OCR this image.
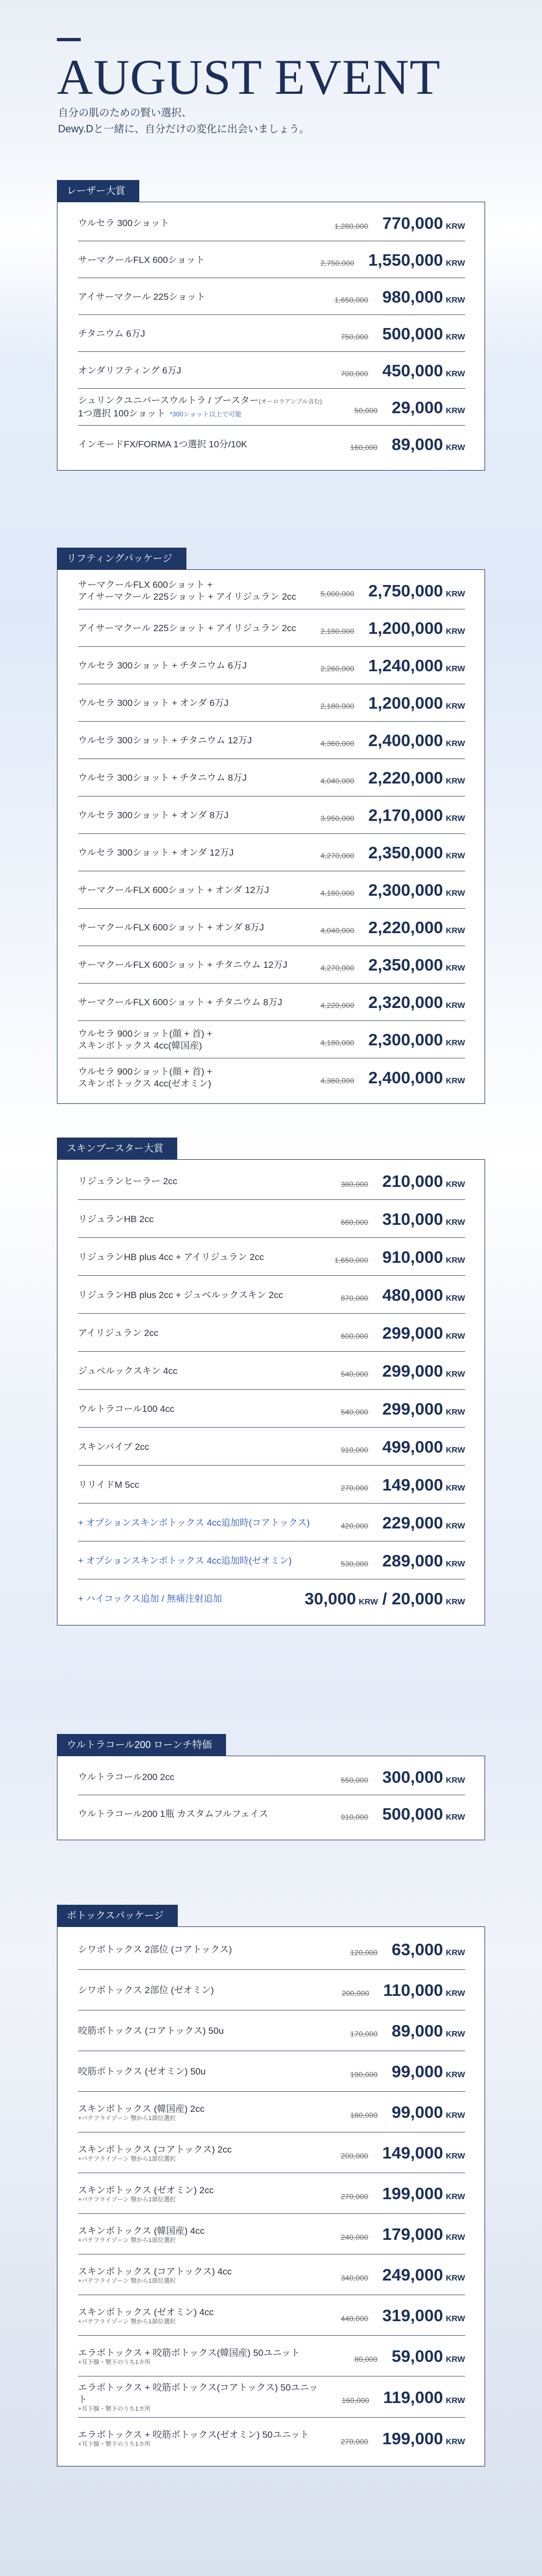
AUGUST EVENT

自分の肌のための賢い選択、
Dewy.Dと一緒に、自分だけの変化に出会いましょう。

レーザー大賞
ウルセラ 300ショット	1,280,000 770,000 KRW
サーマクールFLX 600ショット	2,750,000 1,550,000 KRW
アイサーマクール 225ショット	1,650,000 980,000 KRW
チタニウム 6万J	750,000 500,000 KRW
オンダリフティング 6万J	700,000 450,000 KRW
シュリンクユニバースウルトラ / ブースター(オーロラアンプル含む)
1つ選択 100ショット *300ショット以上で可能	50,000 29,000 KRW
インモードFX/FORMA 1つ選択 10分/10K	160,000 89,000 KRW
リフティングパッケージ
サーマクールFLX 600ショット +
アイサーマクール 225ショット + アイリジュラン 2cc	5,000,000 2,750,000 KRW
アイサーマクール 225ショット + アイリジュラン 2cc	2,180,000 1,200,000 KRW
ウルセラ 300ショット + チタニウム 6万J	2,260,000 1,240,000 KRW
ウルセラ 300ショット + オンダ 6万J	2,180,000 1,200,000 KRW
ウルセラ 300ショット + チタニウム 12万J	4,360,000 2,400,000 KRW
ウルセラ 300ショット + チタニウム 8万J	4,040,000 2,220,000 KRW
ウルセラ 300ショット + オンダ 8万J	3,950,000 2,170,000 KRW
ウルセラ 300ショット + オンダ 12万J	4,270,000 2,350,000 KRW
サーマクールFLX 600ショット + オンダ 12万J	4,180,000 2,300,000 KRW
サーマクールFLX 600ショット + オンダ 8万J	4,040,000 2,220,000 KRW
サーマクールFLX 600ショット + チタニウム 12万J	4,270,000 2,350,000 KRW
サーマクールFLX 600ショット + チタニウム 8万J	4,220,000 2,320,000 KRW
ウルセラ 900ショット(顔 + 首) +
スキンボトックス 4cc(韓国産)	4,180,000 2,300,000 KRW
ウルセラ 900ショット(顔 + 首) +
スキンボトックス 4cc(ゼオミン)	4,360,000 2,400,000 KRW
スキンブースター大賞
リジュランヒーラー 2cc	380,000 210,000 KRW
リジュランHB 2cc	660,000 310,000 KRW
リジュランHB plus 4cc + アイリジュラン 2cc	1,650,000 910,000 KRW
リジュランHB plus 2cc + ジュベルックスキン 2cc	870,000 480,000 KRW
アイリジュラン 2cc	600,000 299,000 KRW
ジュベルックスキン 4cc	540,000 299,000 KRW
ウルトラコール100 4cc	540,000 299,000 KRW
スキンバイブ 2cc	910,000 499,000 KRW
リリイドM 5cc	270,000 149,000 KRW
+ オプションスキンボトックス 4cc追加時(コアトックス)	420,000 229,000 KRW
+ オプションスキンボトックス 4cc追加時(ゼオミン)	530,000 289,000 KRW
+ ハイコックス追加 / 無痛注射追加	30,000 KRW / 20,000 KRW
ウルトラコール200 ローンチ特価
ウルトラコール200 2cc	550,000 300,000 KRW
ウルトラコール200 1瓶 カスタムフルフェイス	910,000 500,000 KRW
ボトックスパッケージ
シワボトックス 2部位 (コアトックス)	120,000 63,000 KRW
シワボトックス 2部位 (ゼオミン)	200,000 110,000 KRW
咬筋ボトックス (コアトックス) 50u	170,000 89,000 KRW
咬筋ボトックス (ゼオミン) 50u	190,000 99,000 KRW
スキンボトックス (韓国産) 2cc
+パテフライゾーン 顎から1部位選択	180,000 99,000 KRW
スキンボトックス (コアトックス) 2cc
+パテフライゾーン 顎から1部位選択	200,000 149,000 KRW
スキンボトックス (ゼオミン) 2cc
+パテフライゾーン 顎から1部位選択	270,000 199,000 KRW
スキンボトックス (韓国産) 4cc
+パテフライゾーン 顎から1部位選択	240,000 179,000 KRW
スキンボトックス (コアトックス) 4cc
+パテフライゾーン 顎から1部位選択	340,000 249,000 KRW
スキンボトックス (ゼオミン) 4cc
+パテフライゾーン 顎から1部位選択	440,000 319,000 KRW
エラボトックス + 咬筋ボトックス(韓国産) 50ユニット
+耳下腺・顎下のうち1カ所	80,000 59,000 KRW
エラボトックス + 咬筋ボトックス(コアトックス) 50ユニット
+耳下腺・顎下のうち1カ所
160,000 119,000 KRW
エラボトックス + 咬筋ボトックス(ゼオミン) 50ユニット
+耳下腺・顎下のうち1カ所	270,000 199,000 KRW
